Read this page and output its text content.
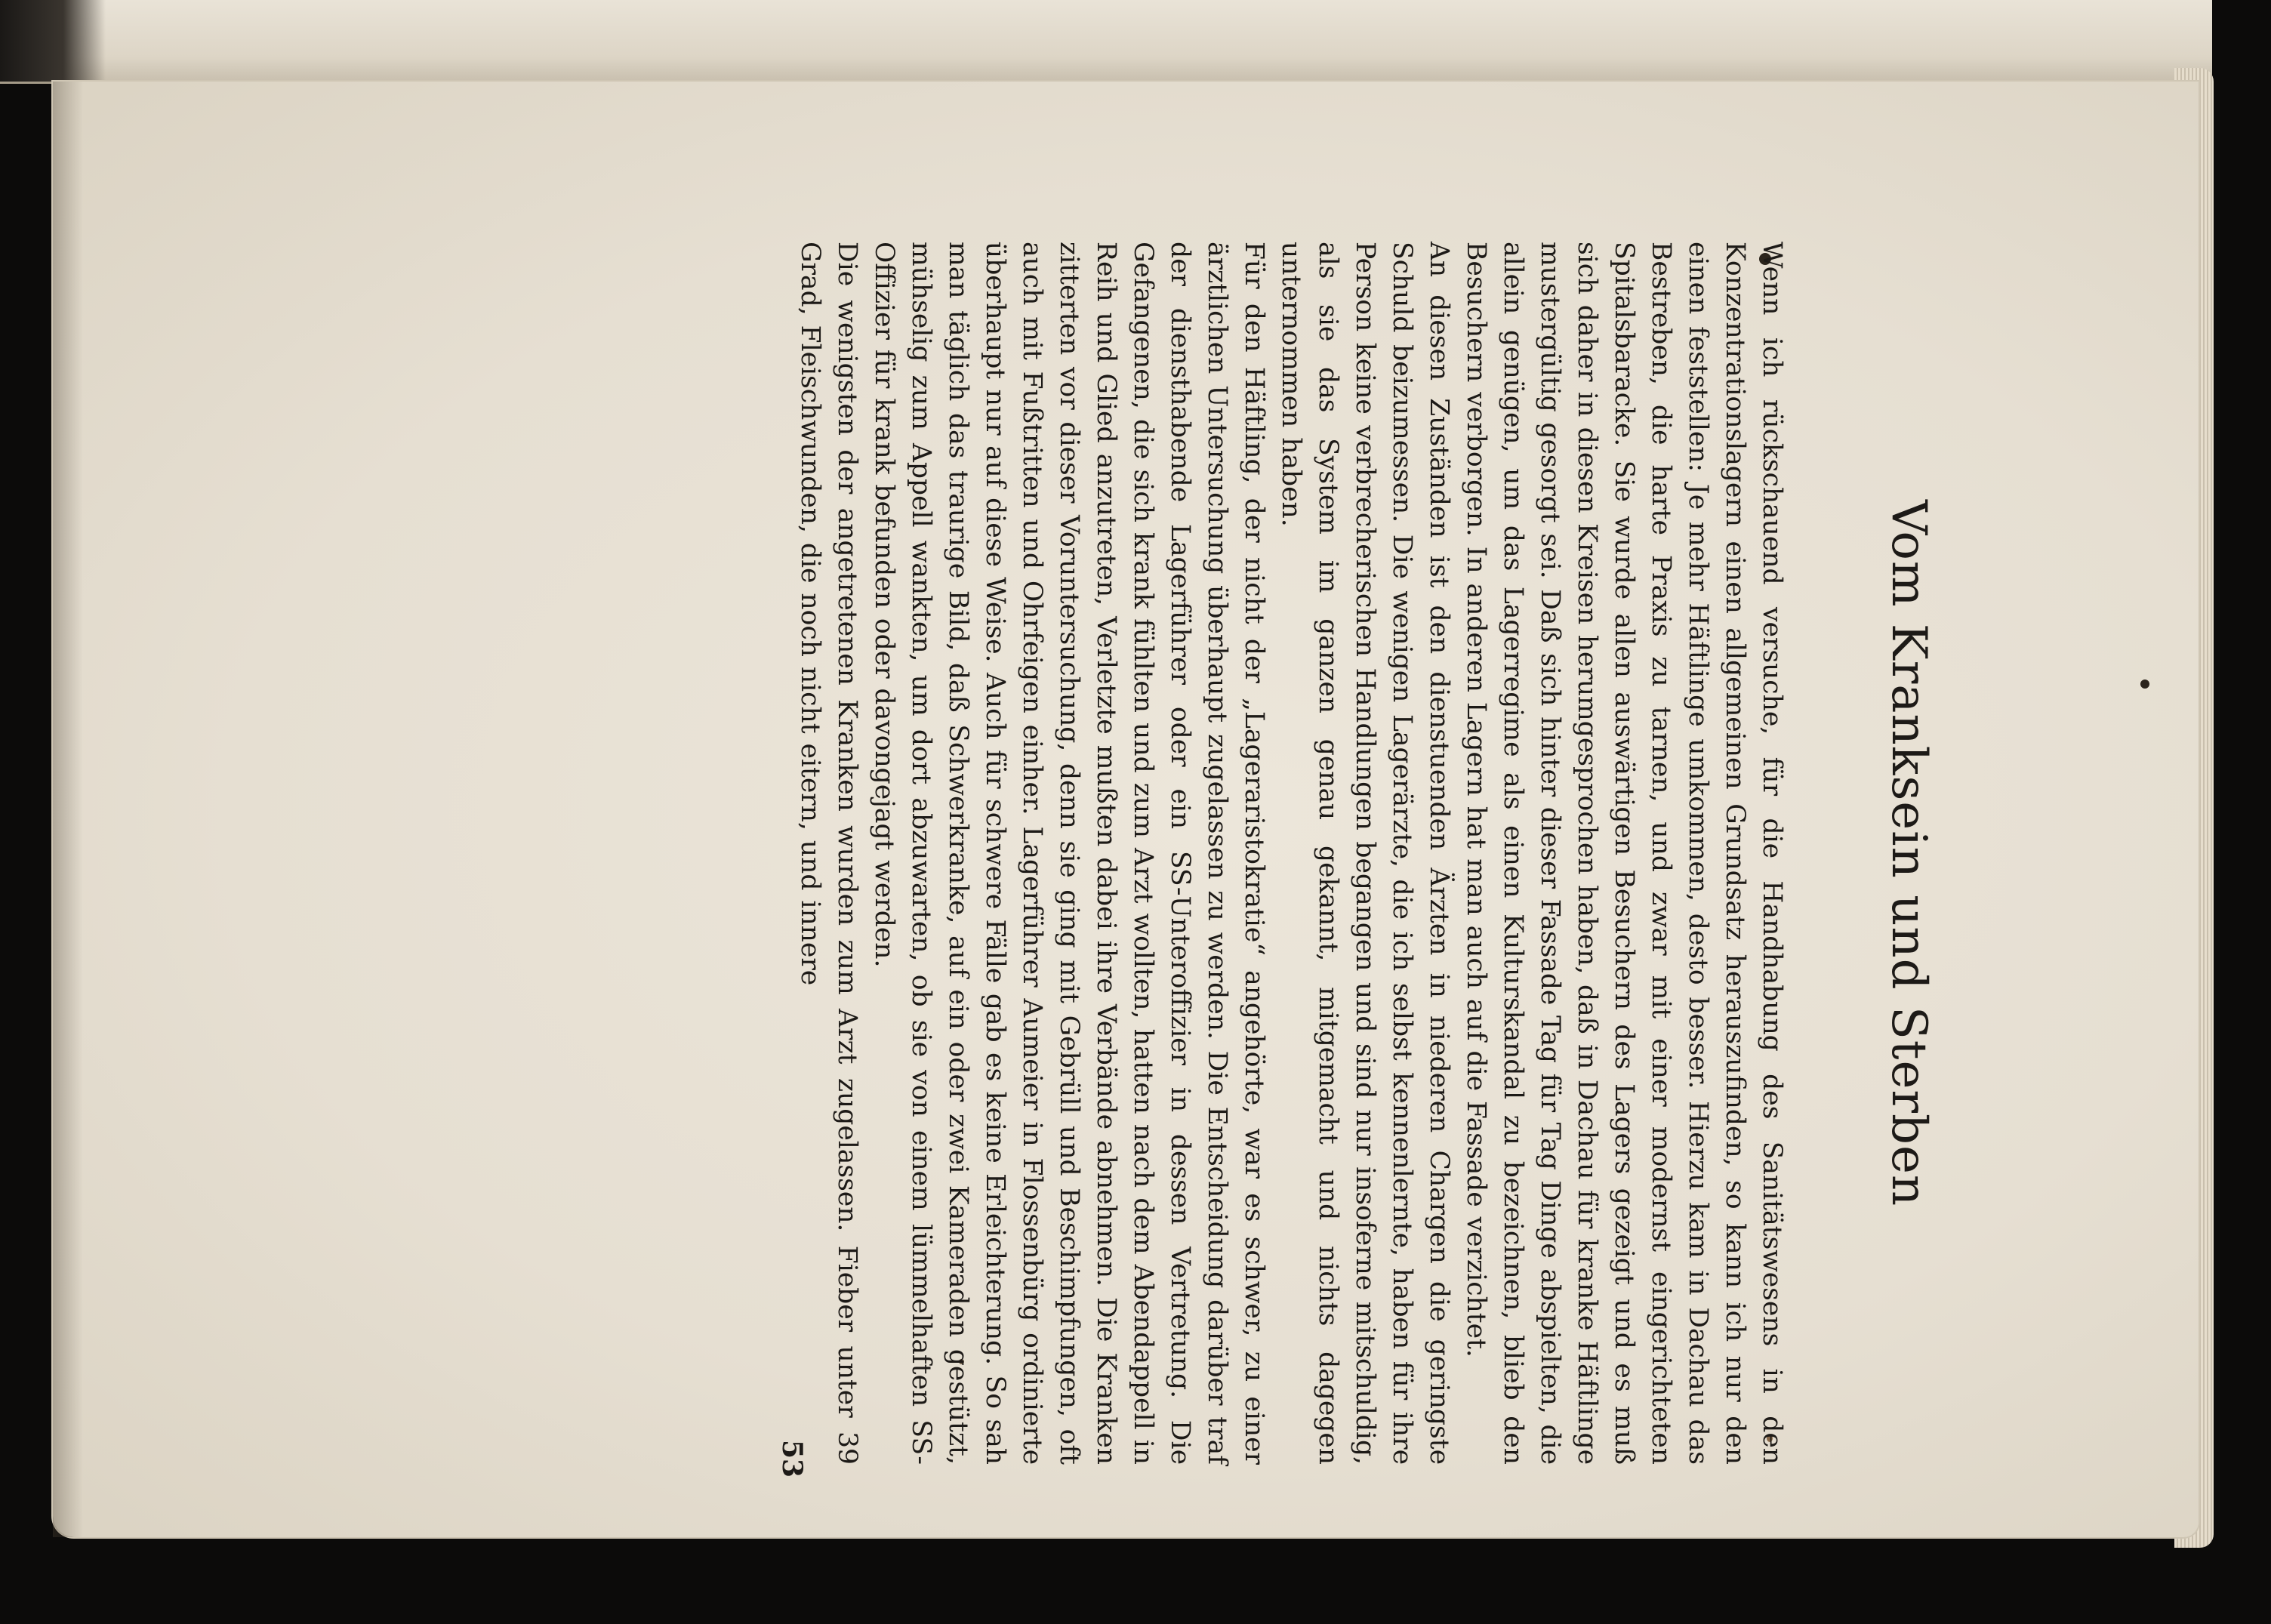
Vom Kranksein und Sterben

Wenn ich rückschauend versuche, für die Handhabung des Sanitätswesens in den Konzentrationslagern einen allgemeinen Grundsatz herauszufinden, so kann ich nur den einen feststellen: Je mehr Häftlinge umkommen, desto besser. Hierzu kam in Dachau das Bestreben, die harte Praxis zu tarnen, und zwar mit einer modernst eingerichteten Spitalsbaracke. Sie wurde allen auswärtigen Besuchern des Lagers gezeigt und es muß sich daher in diesen Kreisen herumgesprochen haben, daß in Dachau für kranke Häftlinge mustergültig gesorgt sei. Daß sich hinter dieser Fassade Tag für Tag Dinge abspielten, die allein genügen, um das Lagerregime als einen Kulturskandal zu bezeichnen, blieb den Besuchern verborgen. In anderen Lagern hat man auch auf die Fassade verzichtet.

An diesen Zuständen ist den dienstuenden Ärzten in niederen Chargen die geringste Schuld beizumessen. Die wenigen Lagerärzte, die ich selbst kennenlernte, haben für ihre Person keine verbrecherischen Handlungen begangen und sind nur insoferne mitschuldig, als sie das System im ganzen genau gekannt, mitgemacht und nichts dagegen unternommen haben.

Für den Häftling, der nicht der „Lageraristokratie“ angehörte, war es schwer, zu einer ärztlichen Untersuchung überhaupt zugelassen zu werden. Die Entscheidung darüber traf der diensthabende Lagerführer oder ein SS-Unteroffizier in dessen Vertretung. Die Gefangenen, die sich krank fühlten und zum Arzt wollten, hatten nach dem Abendappell in Reih und Glied anzutreten, Verletzte mußten dabei ihre Verbände abnehmen. Die Kranken zitterten vor dieser Voruntersuchung, denn sie ging mit Gebrüll und Beschimpfungen, oft auch mit Fußtritten und Ohrfeigen einher. Lagerführer Aumeier in Flossenbürg ordinierte überhaupt nur auf diese Weise. Auch für schwere Fälle gab es keine Erleichterung. So sah man täglich das traurige Bild, daß Schwerkranke, auf ein oder zwei Kameraden gestützt, mühselig zum Appell wankten, um dort abzuwarten, ob sie von einem lümmelhaften SS-Offizier für krank befunden oder davongejagt werden.

Die wenigsten der angetretenen Kranken wurden zum Arzt zugelassen. Fieber unter 39 Grad, Fleischwunden, die noch nicht eitern, und innere

53
